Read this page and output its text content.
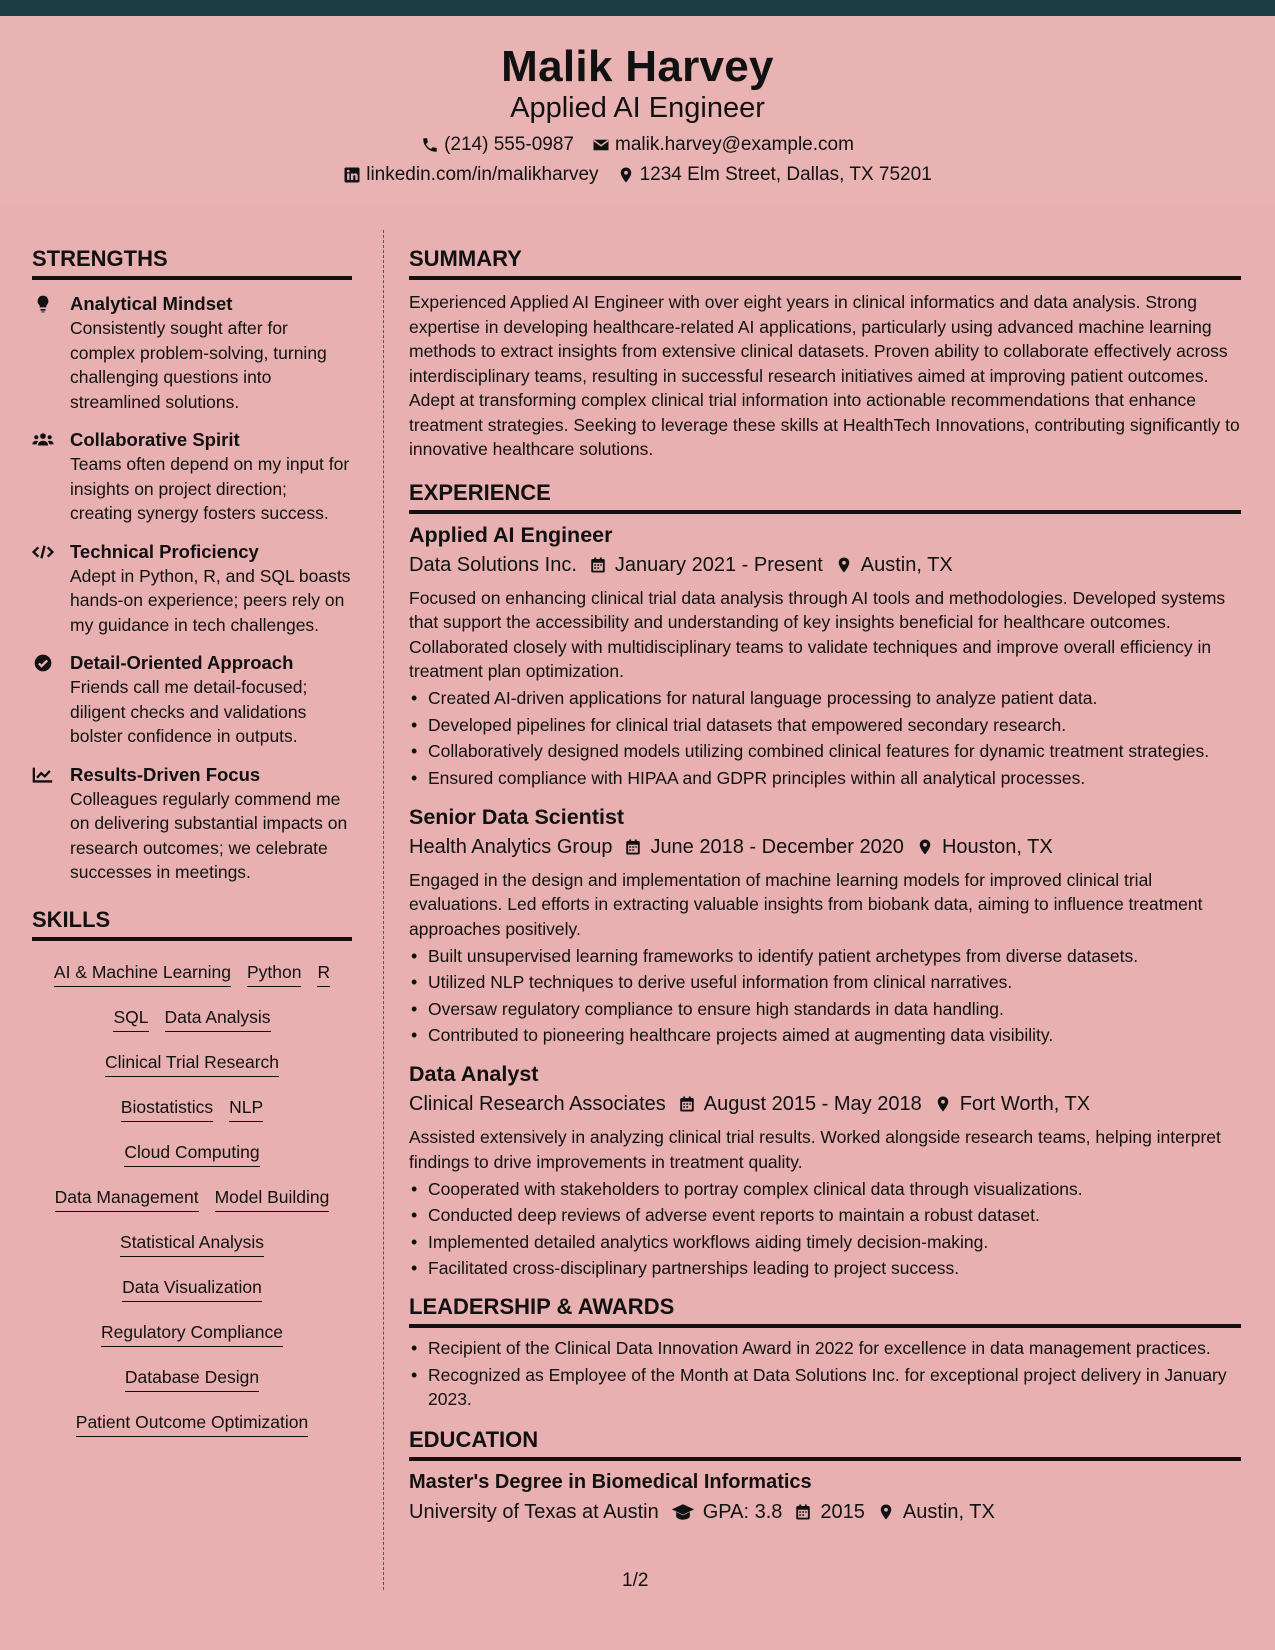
Malik Harvey
Applied AI Engineer
(214) 555-0987 malik.harvey@example.com
linkedin.com/in/malikharvey 1234 Elm Street, Dallas, TX 75201
STRENGTHS
Analytical Mindset
Consistently sought after for complex problem-solving, turning challenging questions into streamlined solutions.
Collaborative Spirit
Teams often depend on my input for insights on project direction; creating synergy fosters success.
Technical Proficiency
Adept in Python, R, and SQL boasts hands-on experience; peers rely on my guidance in tech challenges.
Detail-Oriented Approach
Friends call me detail-focused; diligent checks and validations bolster confidence in outputs.
Results-Driven Focus
Colleagues regularly commend me on delivering substantial impacts on research outcomes; we celebrate successes in meetings.
SKILLS
AI & Machine Learning Python R
SQL Data Analysis
Clinical Trial Research
Biostatistics NLP
Cloud Computing
Data Management Model Building
Statistical Analysis
Data Visualization
Regulatory Compliance
Database Design
Patient Outcome Optimization
SUMMARY

Experienced Applied AI Engineer with over eight years in clinical informatics and data analysis. Strong expertise in developing healthcare-related AI applications, particularly using advanced machine learning methods to extract insights from extensive clinical datasets. Proven ability to collaborate effectively across interdisciplinary teams, resulting in successful research initiatives aimed at improving patient outcomes. Adept at transforming complex clinical trial information into actionable recommendations that enhance treatment strategies. Seeking to leverage these skills at HealthTech Innovations, contributing significantly to innovative healthcare solutions.

EXPERIENCE
Applied AI Engineer
Data Solutions Inc. January 2021 - Present Austin, TX

Focused on enhancing clinical trial data analysis through AI tools and methodologies. Developed systems that support the accessibility and understanding of key insights beneficial for healthcare outcomes. Collaborated closely with multidisciplinary teams to validate techniques and improve overall efficiency in treatment plan optimization.

• Created AI-driven applications for natural language processing to analyze patient data.
• Developed pipelines for clinical trial datasets that empowered secondary research.
• Collaboratively designed models utilizing combined clinical features for dynamic treatment strategies.
• Ensured compliance with HIPAA and GDPR principles within all analytical processes.
Senior Data Scientist
Health Analytics Group June 2018 - December 2020 Houston, TX

Engaged in the design and implementation of machine learning models for improved clinical trial evaluations. Led efforts in extracting valuable insights from biobank data, aiming to influence treatment approaches positively.

• Built unsupervised learning frameworks to identify patient archetypes from diverse datasets.
• Utilized NLP techniques to derive useful information from clinical narratives.
• Oversaw regulatory compliance to ensure high standards in data handling.
• Contributed to pioneering healthcare projects aimed at augmenting data visibility.
Data Analyst
Clinical Research Associates August 2015 - May 2018 Fort Worth, TX

Assisted extensively in analyzing clinical trial results. Worked alongside research teams, helping interpret findings to drive improvements in treatment quality.

• Cooperated with stakeholders to portray complex clinical data through visualizations.
• Conducted deep reviews of adverse event reports to maintain a robust dataset.
• Implemented detailed analytics workflows aiding timely decision-making.
• Facilitated cross-disciplinary partnerships leading to project success.
LEADERSHIP & AWARDS
• Recipient of the Clinical Data Innovation Award in 2022 for excellence in data management practices.
• Recognized as Employee of the Month at Data Solutions Inc. for exceptional project delivery in January 2023.
EDUCATION
Master's Degree in Biomedical Informatics
University of Texas at Austin GPA: 3.8 2015 Austin, TX
1/2
